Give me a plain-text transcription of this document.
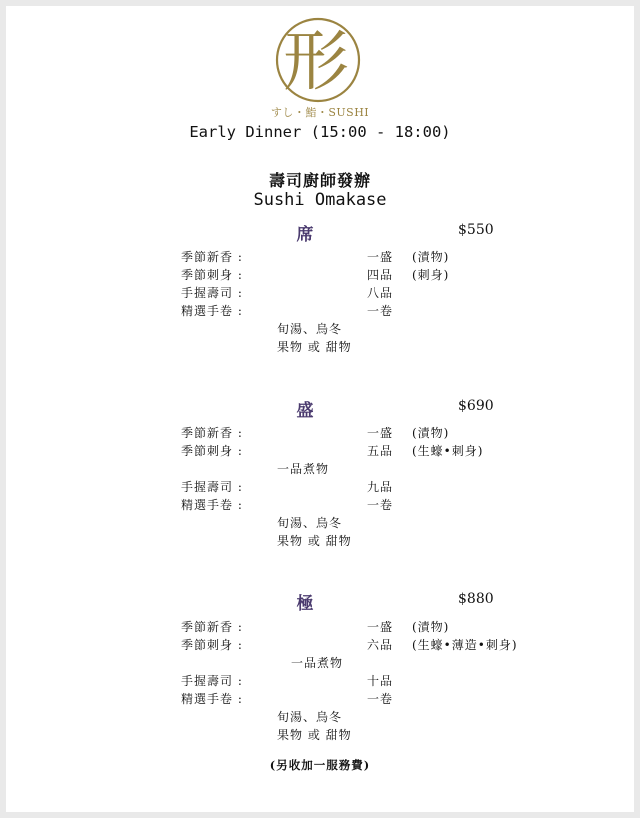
形
すし・鮨・SUSHI
Early Dinner (15:00 - 18:00)
壽司廚師發辦
Sushi Omakase
席	$550
季節新香 :	一盛 (漬物)
季節刺身 :	四品 (刺身)
手握壽司 :	八品
精選手卷 :	一卷
旬湯、烏冬
果物 或 甜物
盛	$690
季節新香 :	一盛 (漬物)
季節刺身 :	五品 (生蠔•刺身)
一品煮物
手握壽司 :	九品
精選手卷 :	一卷
旬湯、烏冬
果物 或 甜物
極	$880
季節新香 :	一盛 (漬物)
季節刺身 :	六品 (生蠔•薄造•刺身)
一品煮物
手握壽司 :	十品
精選手卷 :	一卷
旬湯、烏冬
果物 或 甜物
(另收加一服務費)
